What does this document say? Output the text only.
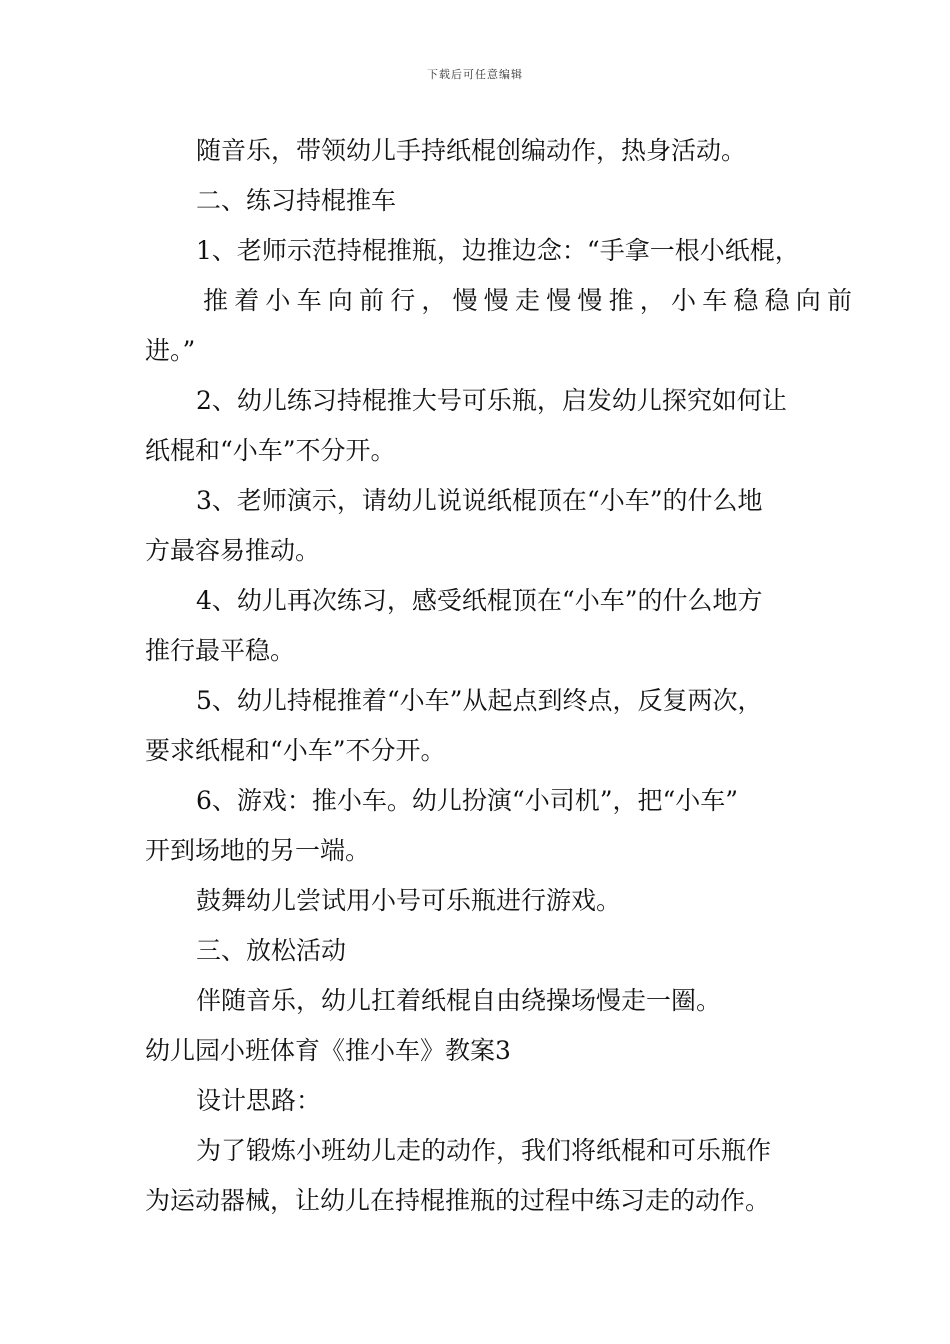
下载后可任意编辑
随音乐，带领幼儿手持纸棍创编动作，热身活动。
二、练习持棍推车
1、老师示范持棍推瓶，边推边念：“手拿一根小纸棍，
推着小车向前行，慢慢走慢慢推，小车稳稳向前
进。”
2、幼儿练习持棍推大号可乐瓶，启发幼儿探究如何让
纸棍和“小车”不分开。
3、老师演示，请幼儿说说纸棍顶在“小车”的什么地
方最容易推动。
4、幼儿再次练习，感受纸棍顶在“小车”的什么地方
推行最平稳。
5、幼儿持棍推着“小车”从起点到终点，反复两次，
要求纸棍和“小车”不分开。
6、游戏：推小车。幼儿扮演“小司机”，把“小车”
开到场地的另一端。
鼓舞幼儿尝试用小号可乐瓶进行游戏。
三、放松活动
伴随音乐，幼儿扛着纸棍自由绕操场慢走一圈。
幼儿园小班体育《推小车》教案3
设计思路：
为了锻炼小班幼儿走的动作，我们将纸棍和可乐瓶作
为运动器械，让幼儿在持棍推瓶的过程中练习走的动作。
